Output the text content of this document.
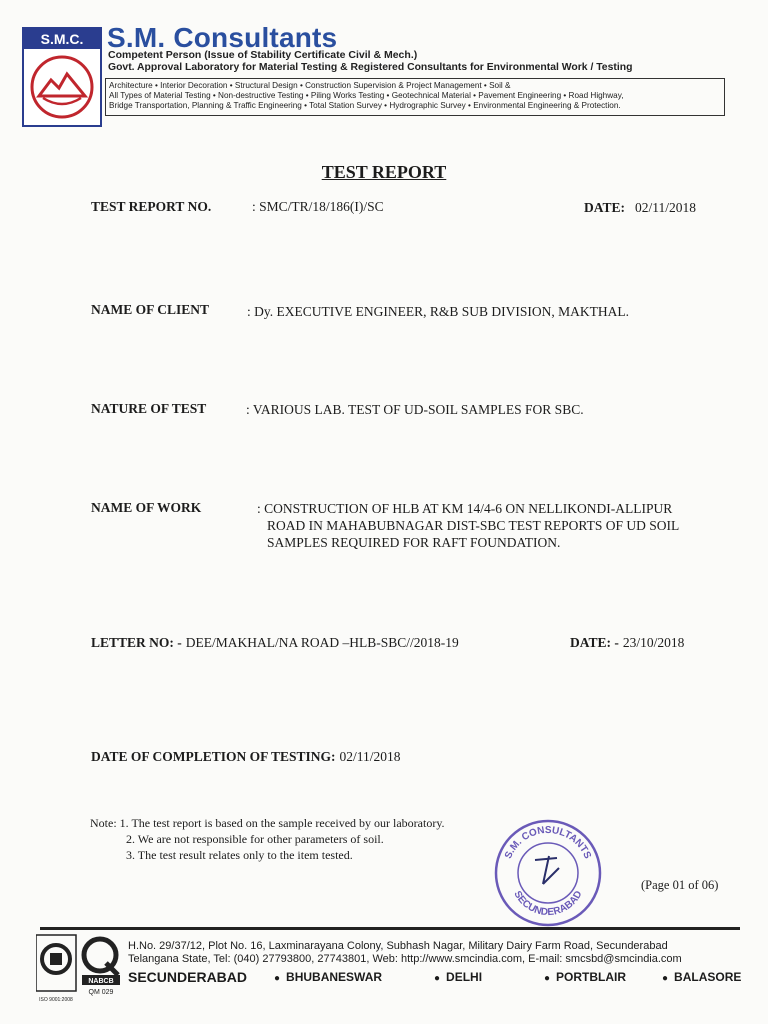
S.M.C. S.M. Consultants
Competent Person (Issue of Stability Certificate Civil & Mech.)
Govt. Approval Laboratory for Material Testing & Registered Consultants for Environmental Work / Testing
Architecture • Interior Decoration • Structural Design • Construction Supervision & Project Management • Soil &
All Types of Material Testing • Non-destructive Testing • Piling Works Testing • Geotechnical Material • Pavement Engineering • Road Highway,
Bridge Transportation, Planning & Traffic Engineering • Total Station Survey • Hydrographic Survey • Environmental Engineering & Protection.
TEST REPORT
TEST REPORT NO.	: SMC/TR/18/186(I)/SC	DATE: 02/11/2018
NAME OF CLIENT	: Dy. EXECUTIVE ENGINEER, R&B SUB DIVISION, MAKTHAL.
NATURE OF TEST	: VARIOUS LAB. TEST OF UD-SOIL SAMPLES FOR SBC.
NAME OF WORK	: CONSTRUCTION OF HLB AT KM 14/4-6 ON NELLIKONDI-ALLIPUR
ROAD IN MAHABUBNAGAR DIST-SBC TEST REPORTS OF UD SOIL
SAMPLES REQUIRED FOR RAFT FOUNDATION.
LETTER NO: - DEE/MAKHAL/NA ROAD –HLB-SBC//2018-19	DATE: - 23/10/2018
DATE OF COMPLETION OF TESTING: 02/11/2018
Note: 1. The test report is based on the sample received by our laboratory.
2. We are not responsible for other parameters of soil.
3. The test result relates only to the item tested.	S.M. CONSULTANTS
SECUNDERABAD
(Page 01 of 06)
NABCB
QM 029
ISO 9001:2008
H.No. 29/37/12, Plot No. 16, Laxminarayana Colony, Subhash Nagar, Military Dairy Farm Road, Secunderabad
Telangana State, Tel: (040) 27793800, 27743801, Web: http://www.smcindia.com, E-mail: smcsbd@smcindia.com
SECUNDERABAD	● BHUBANESWAR	● DELHI	● PORTBLAIR	● BALASORE
